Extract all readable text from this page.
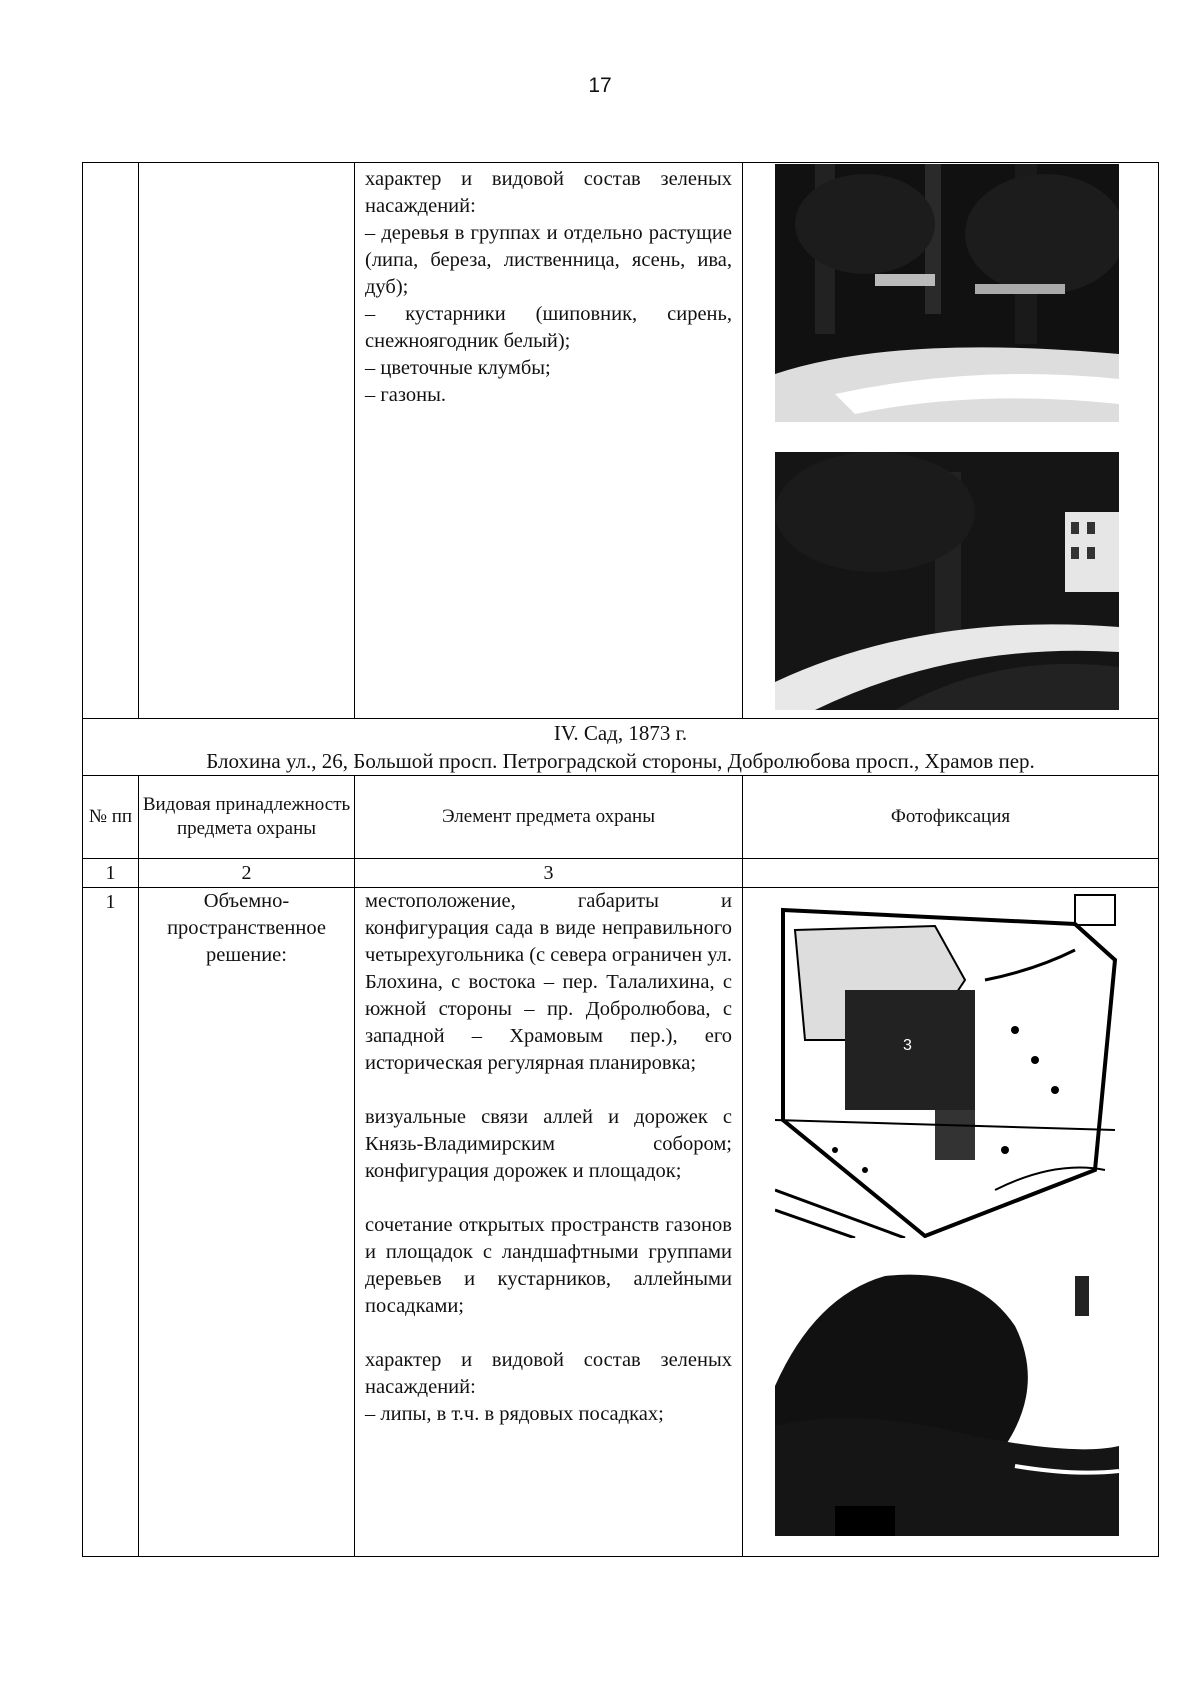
17

		характер и видовой состав зеленых насаждений:

– деревья в группах и отдельно растущие (липа, береза, лиственница, ясень, ива, дуб);

– кустарники (шиповник, сирень, снежноягодник белый);

– цветочные клумбы;

– газоны.

IV. Сад, 1873 г.
Блохина ул., 26, Большой просп. Петроградской стороны, Добролюбова просп., Храмов пер.			

№ пп	Видовая принадлежность предмета охраны	Элемент предмета охраны	Фотофиксация
1	2	3	
1	Объемно-пространственное решение:	местоположение, габариты и конфигурация сада в виде неправильного четырехугольника (с севера ограничен ул. Блохина, с востока – пер. Талалихина, с южной стороны – пр. Добролюбова, с западной – Храмовым пер.), его историческая регулярная планировка;

визуальные связи аллей и дорожек с Князь-Владимирским собором; конфигурация дорожек и площадок;

сочетание открытых пространств газонов и площадок с ландшафтными группами деревьев и кустарников, аллейными посадками;

характер и видовой состав зеленых насаждений:

– липы, в т.ч. в рядовых посадках;	3
